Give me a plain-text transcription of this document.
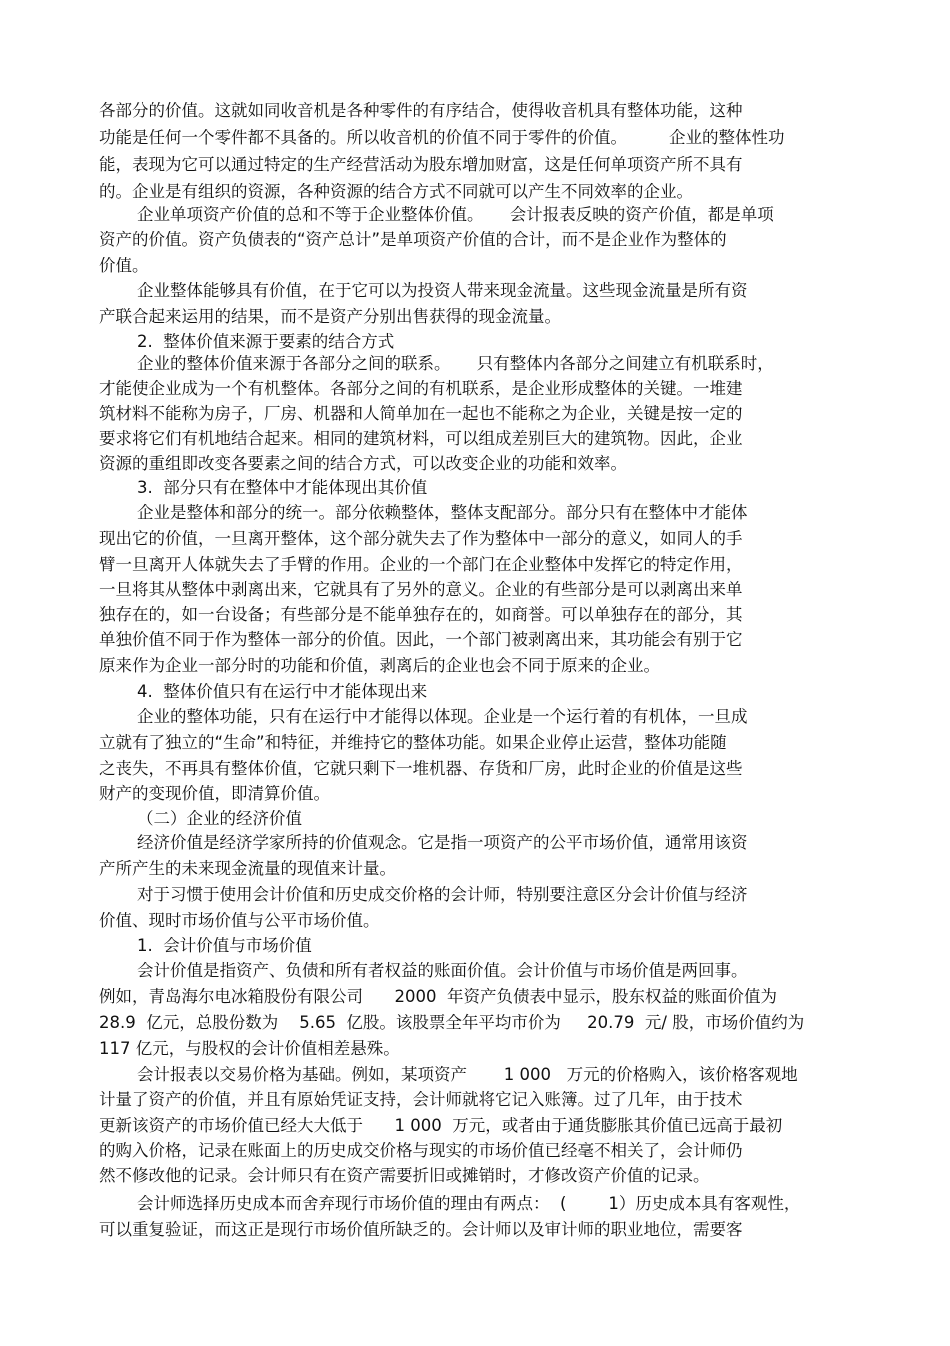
各部分的价值。这就如同收音机是各种零件的有序结合，使得收音机具有整体功能，这种

功能是任何一个零件都不具备的。所以收音机的价值不同于零件的价值。        企业的整体性功

能，表现为它可以通过特定的生产经营活动为股东增加财富，这是任何单项资产所不具有

的。企业是有组织的资源，各种资源的结合方式不同就可以产生不同效率的企业。

企业单项资产价值的总和不等于企业整体价值。     会计报表反映的资产价值，都是单项

资产的价值。资产负债表的“资产总计”是单项资产价值的合计，而不是企业作为整体的

价值。

企业整体能够具有价值，在于它可以为投资人带来现金流量。这些现金流量是所有资

产联合起来运用的结果，而不是资产分别出售获得的现金流量。

2.  整体价值来源于要素的结合方式

企业的整体价值来源于各部分之间的联系。     只有整体内各部分之间建立有机联系时，

才能使企业成为一个有机整体。各部分之间的有机联系，是企业形成整体的关键。一堆建

筑材料不能称为房子，厂房、机器和人简单加在一起也不能称之为企业，关键是按一定的

要求将它们有机地结合起来。相同的建筑材料，可以组成差别巨大的建筑物。因此，企业

资源的重组即改变各要素之间的结合方式，可以改变企业的功能和效率。

3.  部分只有在整体中才能体现出其价值

企业是整体和部分的统一。部分依赖整体，整体支配部分。部分只有在整体中才能体

现出它的价值，一旦离开整体，这个部分就失去了作为整体中一部分的意义，如同人的手

臂一旦离开人体就失去了手臂的作用。企业的一个部门在企业整体中发挥它的特定作用，

一旦将其从整体中剥离出来，它就具有了另外的意义。企业的有些部分是可以剥离出来单

独存在的，如一台设备；有些部分是不能单独存在的，如商誉。可以单独存在的部分，其

单独价值不同于作为整体一部分的价值。因此，一个部门被剥离出来，其功能会有别于它

原来作为企业一部分时的功能和价值，剥离后的企业也会不同于原来的企业。

4.  整体价值只有在运行中才能体现出来

企业的整体功能，只有在运行中才能得以体现。企业是一个运行着的有机体，一旦成

立就有了独立的“生命”和特征，并维持它的整体功能。如果企业停止运营，整体功能随

之丧失，不再具有整体价值，它就只剩下一堆机器、存货和厂房，此时企业的价值是这些

财产的变现价值，即清算价值。

（二）企业的经济价值

经济价值是经济学家所持的价值观念。它是指一项资产的公平市场价值，通常用该资

产所产生的未来现金流量的现值来计量。

对于习惯于使用会计价值和历史成交价格的会计师，特别要注意区分会计价值与经济

价值、现时市场价值与公平市场价值。

1.  会计价值与市场价值

会计价值是指资产、负债和所有者权益的账面价值。会计价值与市场价值是两回事。

例如，青岛海尔电冰箱股份有限公司      2000  年资产负债表中显示，股东权益的账面价值为

28.9  亿元，总股份数为    5.65  亿股。该股票全年平均市价为     20.79  元/ 股，市场价值约为

117 亿元，与股权的会计价值相差悬殊。

会计报表以交易价格为基础。例如，某项资产       1 000   万元的价格购入，该价格客观地

计量了资产的价值，并且有原始凭证支持，会计师就将它记入账簿。过了几年，由于技术

更新该资产的市场价值已经大大低于      1 000  万元，或者由于通货膨胀其价值已远高于最初

的购入价格，记录在账面上的历史成交价格与现实的市场价值已经毫不相关了，会计师仍

然不修改他的记录。会计师只有在资产需要折旧或摊销时，才修改资产价值的记录。

会计师选择历史成本而舍弃现行市场价值的理由有两点：  (        1）历史成本具有客观性，

可以重复验证，而这正是现行市场价值所缺乏的。会计师以及审计师的职业地位，需要客
